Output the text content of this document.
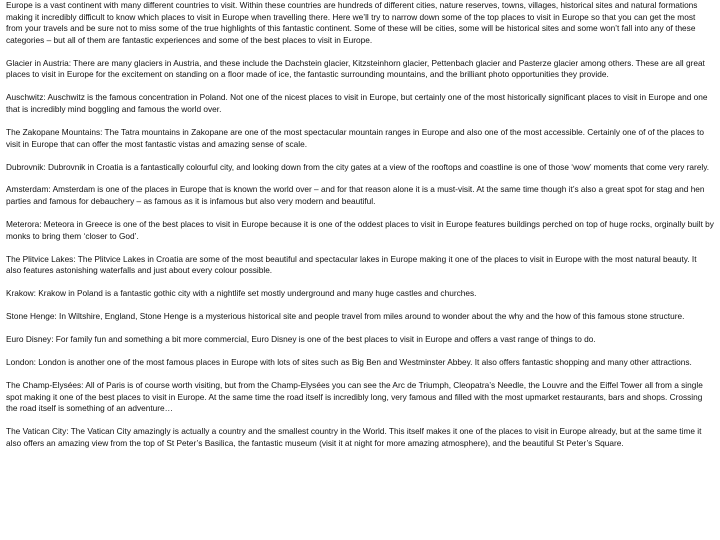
Europe is a vast continent with many different countries to visit. Within these countries are hundreds of different cities, nature reserves, towns, villages, historical sites and natural formations making it incredibly difficult to know which places to visit in Europe when travelling there. Here we’ll try to narrow down some of the top places to visit in Europe so that you can get the most from your travels and be sure not to miss some of the true highlights of this fantastic continent. Some of these will be cities, some will be historical sites and some won’t fall into any of these categories – but all of them are fantastic experiences and some of the best places to visit in Europe.

Glacier in Austria: There are many glaciers in Austria, and these include the Dachstein glacier, Kitzsteinhorn glacier, Pettenbach glacier and Pasterze glacier among others. These are all great places to visit in Europe for the excitement on standing on a floor made of ice, the fantastic surrounding mountains, and the brilliant photo opportunities they provide.

Auschwitz: Auschwitz is the famous concentration in Poland. Not one of the nicest places to visit in Europe, but certainly one of the most historically significant places to visit in Europe and one that is incredibly mind boggling and famous the world over.

The Zakopane Mountains: The Tatra mountains in Zakopane are one of the most spectacular mountain ranges in Europe and also one of the most accessible. Certainly one of of the places to visit in Europe that can offer the most fantastic vistas and amazing sense of scale.

Dubrovnik: Dubrovnik in Croatia is a fantastically colourful city, and looking down from the city gates at a view of the rooftops and coastline is one of those ‘wow’ moments that come very rarely.

Amsterdam: Amsterdam is one of the places in Europe that is known the world over – and for that reason alone it is a must-visit. At the same time though it’s also a great spot for stag and hen parties and famous for debauchery – as famous as it is infamous but also very modern and beautiful.

Meterora: Meteora in Greece is one of the best places to visit in Europe because it is one of the oddest places to visit in Europe features buildings perched on top of huge rocks, orginally built by monks to bring them ‘closer to God’.

The Plitvice Lakes: The Plitvice Lakes in Croatia are some of the most beautiful and spectacular lakes in Europe making it one of the places to visit in Europe with the most natural beauty. It also features astonishing waterfalls and just about every colour possible.

Krakow: Krakow in Poland is a fantastic gothic city with a nightlife set mostly underground and many huge castles and churches.

Stone Henge: In Wiltshire, England, Stone Henge is a mysterious historical site and people travel from miles around to wonder about the why and the how of this famous stone structure.

Euro Disney: For family fun and something a bit more commercial, Euro Disney is one of the best places to visit in Europe and offers a vast range of things to do.

London: London is another one of the most famous places in Europe with lots of sites such as Big Ben and Westminster Abbey. It also offers fantastic shopping and many other attractions.

The Champ-Elysées: All of Paris is of course worth visiting, but from the Champ-Elysées you can see the Arc de Triumph, Cleopatra’s Needle, the Louvre and the Eiffel Tower all from a single spot making it one of the best places to visit in Europe. At the same time the road itself is incredibly long, very famous and filled with the most upmarket restaurants, bars and shops. Crossing the road itself is something of an adventure…

The Vatican City: The Vatican City amazingly is actually a country and the smallest country in the World. This itself makes it one of the places to visit in Europe already, but at the same time it also offers an amazing view from the top of St Peter’s Basilica, the fantastic museum (visit it at night for more amazing atmosphere), and the beautiful St Peter’s Square.
